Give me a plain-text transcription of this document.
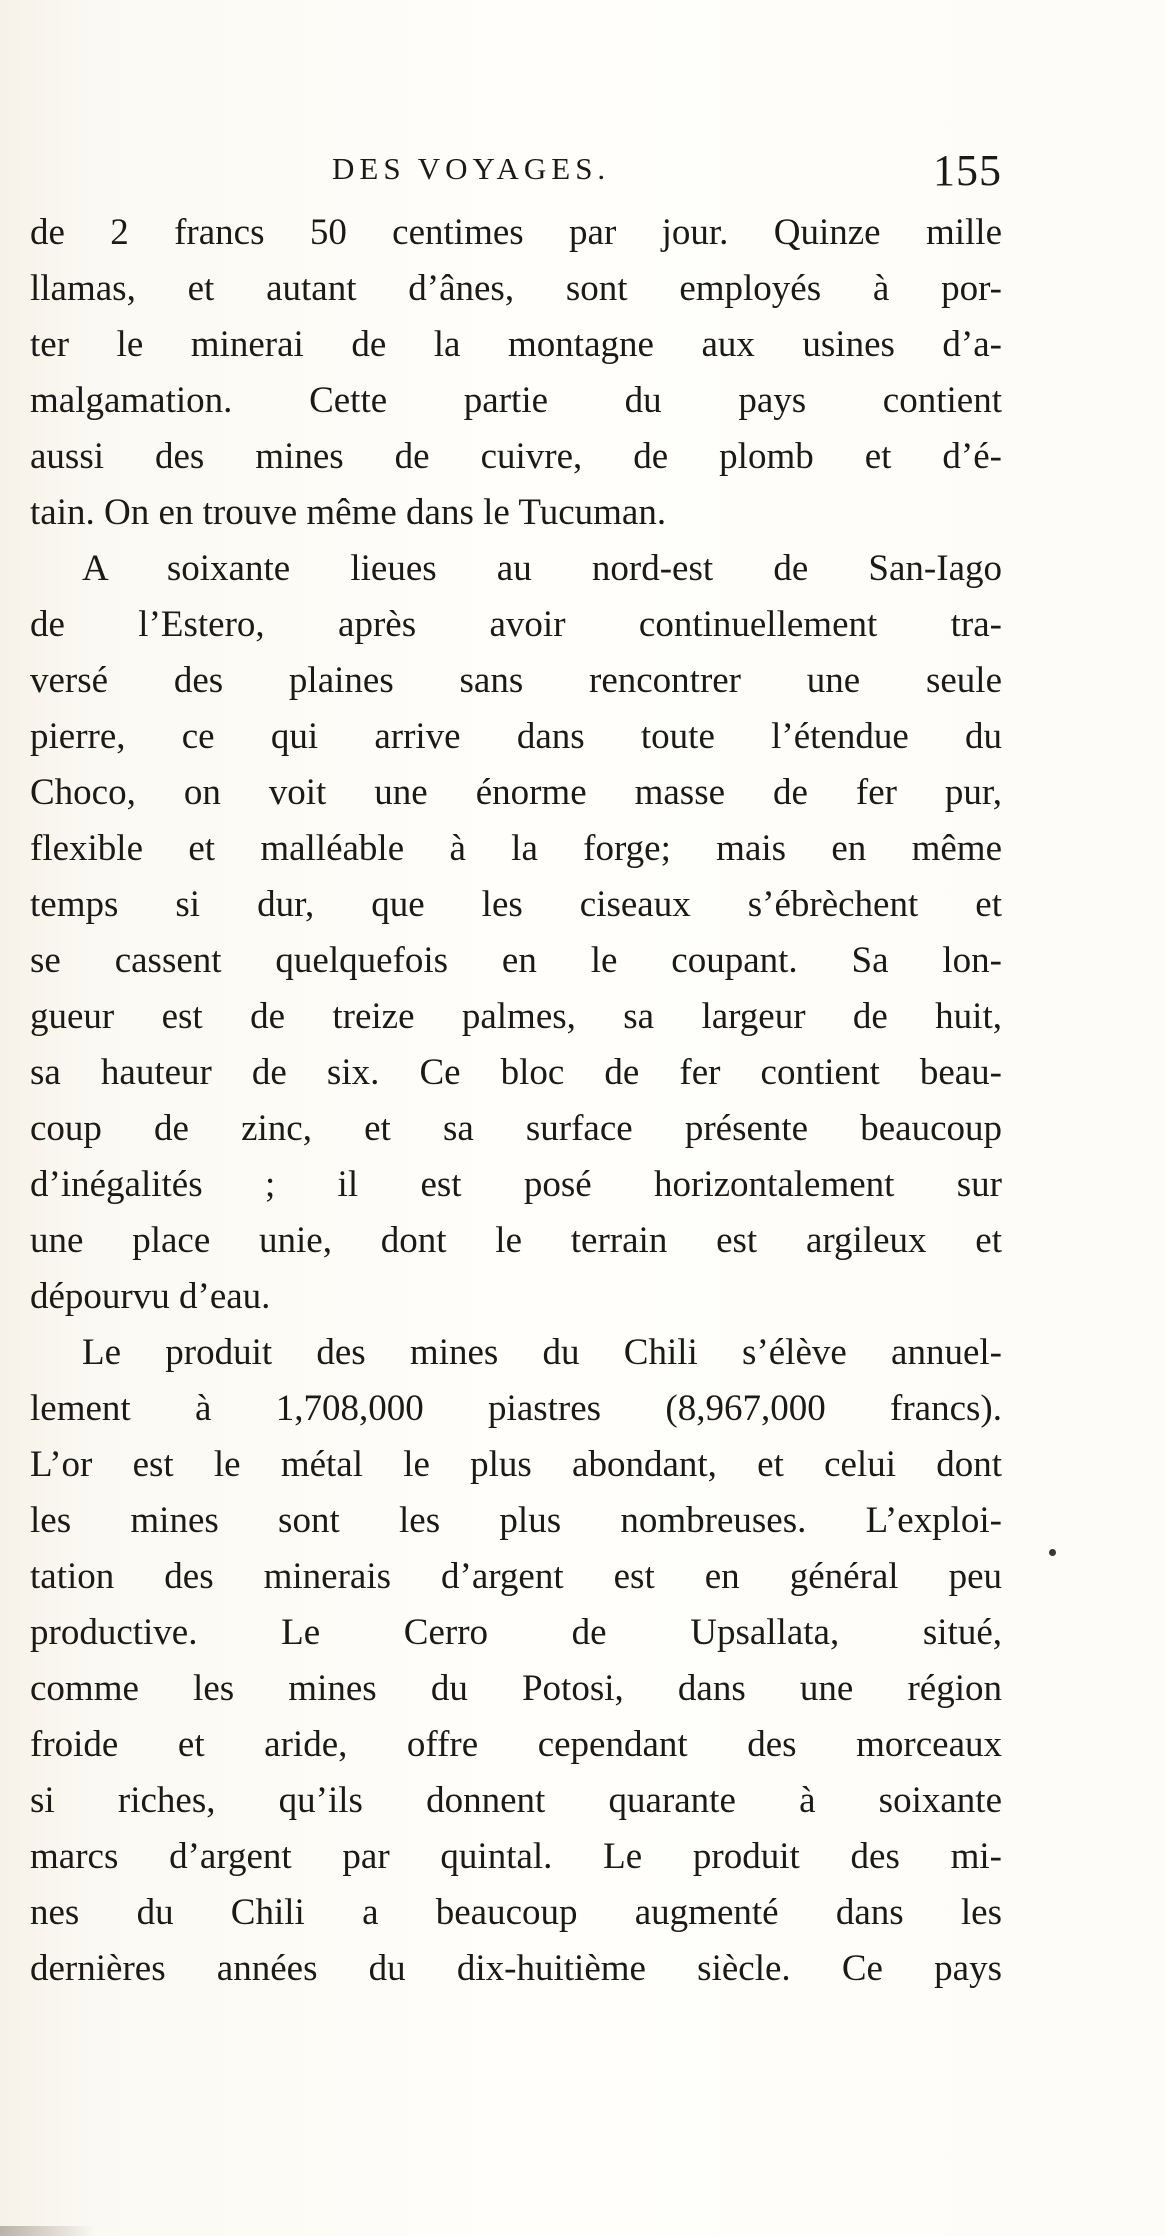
DES VOYAGES.	155
de 2 francs 50 centimes par jour. Quinze mille
llamas, et autant d’ânes, sont employés à por-
ter le minerai de la montagne aux usines d’a-
malgamation. Cette partie du pays contient
aussi des mines de cuivre, de plomb et d’é-
tain. On en trouve même dans le Tucuman.
A soixante lieues au nord-est de San-Iago
de l’Estero, après avoir continuellement tra-
versé des plaines sans rencontrer une seule
pierre, ce qui arrive dans toute l’étendue du
Choco, on voit une énorme masse de fer pur,
flexible et malléable à la forge; mais en même
temps si dur, que les ciseaux s’ébrèchent et
se cassent quelquefois en le coupant. Sa lon-
gueur est de treize palmes, sa largeur de huit,
sa hauteur de six. Ce bloc de fer contient beau-
coup de zinc, et sa surface présente beaucoup
d’inégalités ; il est posé horizontalement sur
une place unie, dont le terrain est argileux et
dépourvu d’eau.
Le produit des mines du Chili s’élève annuel-
lement à 1,708,000 piastres (8,967,000 francs).
L’or est le métal le plus abondant, et celui dont
les mines sont les plus nombreuses. L’exploi-
tation des minerais d’argent est en général peu
productive. Le Cerro de Upsallata, situé,
comme les mines du Potosi, dans une région
froide et aride, offre cependant des morceaux
si riches, qu’ils donnent quarante à soixante
marcs d’argent par quintal. Le produit des mi-
nes du Chili a beaucoup augmenté dans les
dernières années du dix-huitième siècle. Ce pays
